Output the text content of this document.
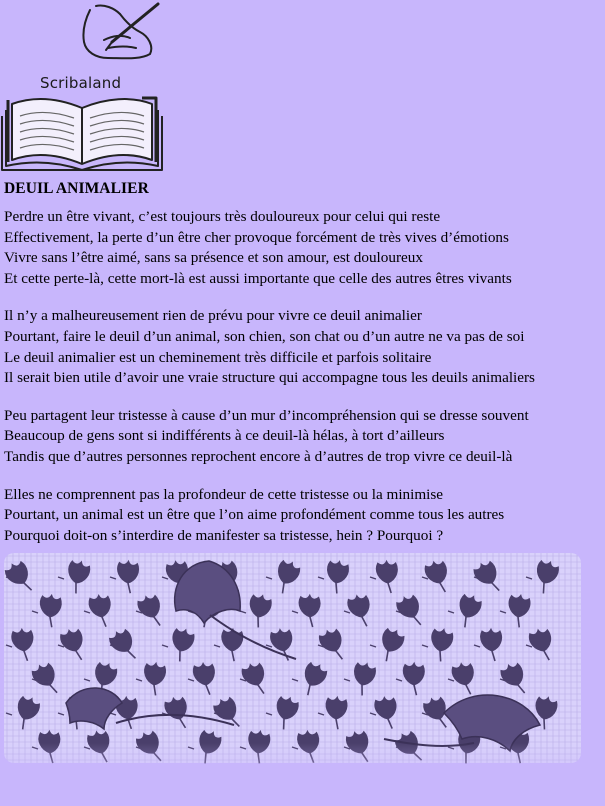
Scribaland
DEUIL ANIMALIER
Perdre un être vivant, c’est toujours très douloureux pour celui qui reste
Effectivement, la perte d’un être cher provoque forcément de très vives d’émotions
Vivre sans l’être aimé, sans sa présence et son amour, est douloureux
Et cette perte-là, cette mort-là est aussi importante que celle des autres êtres vivants
Il n’y a malheureusement rien de prévu pour vivre ce deuil animalier
Pourtant, faire le deuil d’un animal, son chien, son chat ou d’un autre ne va pas de soi
Le deuil animalier est un cheminement très difficile et parfois solitaire
Il serait bien utile d’avoir une vraie structure qui accompagne tous les deuils animaliers
Peu partagent leur tristesse à cause d’un mur d’incompréhension qui se dresse souvent
Beaucoup de gens sont si indifférents à ce deuil-là hélas, à tort d’ailleurs
Tandis que d’autres personnes reprochent encore à d’autres de trop vivre ce deuil-là
Elles ne comprennent pas la profondeur de cette tristesse ou la minimise
Pourtant, un animal est un être que l’on aime profondément comme tous les autres
Pourquoi doit-on s’interdire de manifester sa tristesse, hein ? Pourquoi ?
